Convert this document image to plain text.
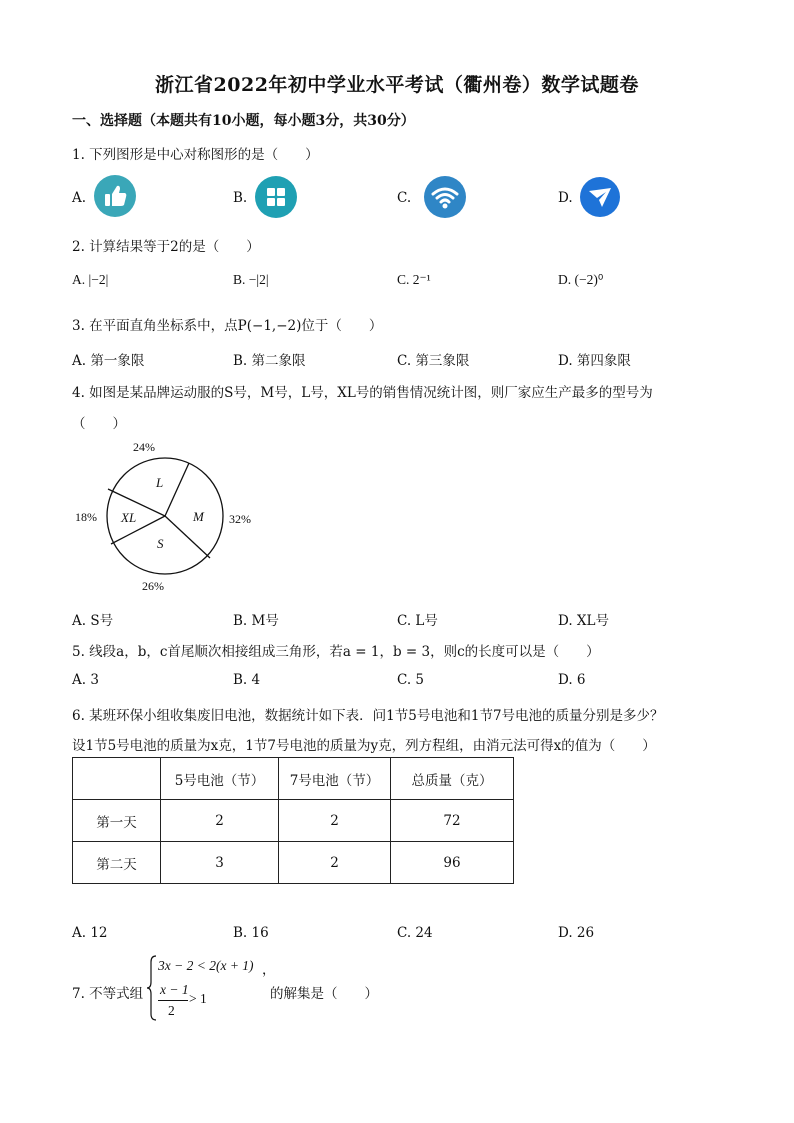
浙江省2022年初中学业水平考试（衢州卷）数学试题卷
一、选择题（本题共有10小题，每小题3分，共30分）
1. 下列图形是中心对称图形的是（　　）
A.	B.	C.	D.
2. 计算结果等于2的是（　　）
A. |−2|	B. −|2|	C. 2⁻¹	D. (−2)⁰
3. 在平面直角坐标系中，点P(−1,−2)位于（　　）
A. 第一象限	B. 第二象限	C. 第三象限	D. 第四象限
4. 如图是某品牌运动服的S号，M号，L号，XL号的销售情况统计图，则厂家应生产最多的型号为
（　　）
L
M
S
XL
24%
32%
26%
18%
A. S号	B. M号	C. L号	D. XL号
5. 线段a，b，c首尾顺次相接组成三角形，若a = 1，b = 3，则c的长度可以是（　　）
A. 3	B. 4	C. 5	D. 6
6. 某班环保小组收集废旧电池，数据统计如下表．问1节5号电池和1节7号电池的质量分别是多少？
设1节5号电池的质量为x克，1节7号电池的质量为y克，列方程组，由消元法可得x的值为（　　）
	5号电池（节）	7号电池（节）	总质量（克）
第一天	2	2	72
第二天	3	2	96
A. 12	B. 16	C. 24	D. 26
7. 不等式组
3x − 2 < 2(x + 1) ，
x − 1
2
> 1	的解集是（　　）
